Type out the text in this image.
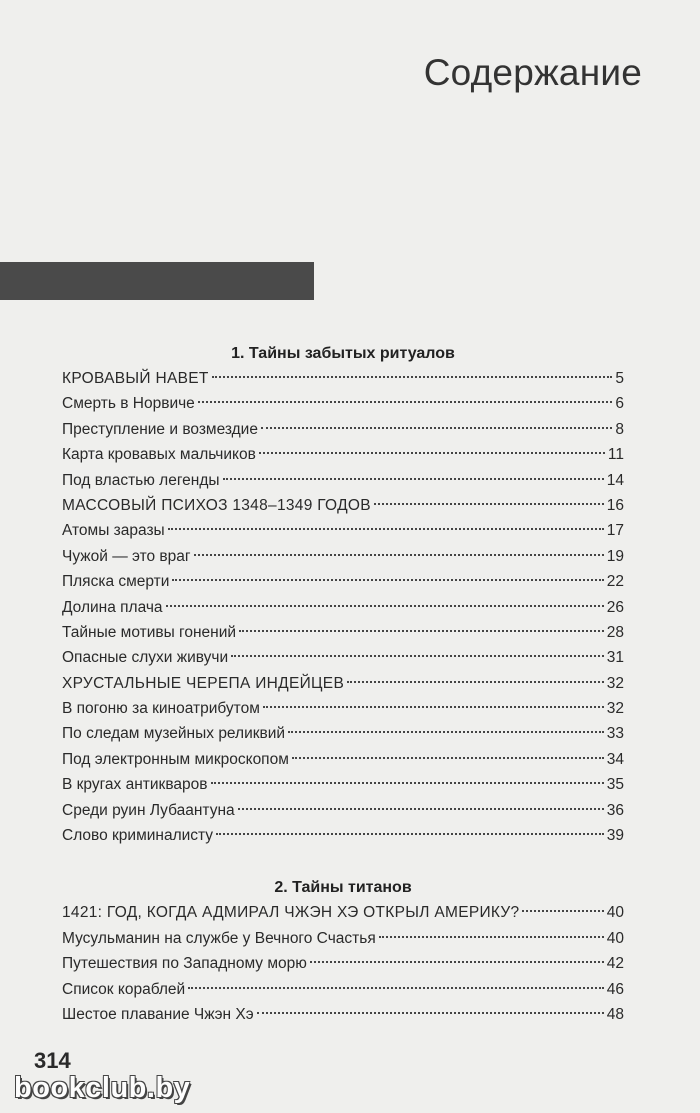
Содержание
1. Тайны забытых ритуалов
КРОВАВЫЙ НАВЕТ	5
Смерть в Норвиче	6
Преступление и возмездие	8
Карта кровавых мальчиков	11
Под властью легенды	14
МАССОВЫЙ ПСИХОЗ 1348–1349 ГОДОВ	16
Атомы заразы	17
Чужой — это враг	19
Пляска смерти	22
Долина плача	26
Тайные мотивы гонений	28
Опасные слухи живучи	31
ХРУСТАЛЬНЫЕ ЧЕРЕПА ИНДЕЙЦЕВ	32
В погоню за киноатрибутом	32
По следам музейных реликвий	33
Под электронным микроскопом	34
В кругах антикваров	35
Среди руин Лубаантуна	36
Слово криминалисту	39
2. Тайны титанов
1421: ГОД, КОГДА АДМИРАЛ ЧЖЭН ХЭ ОТКРЫЛ АМЕРИКУ?	40
Мусульманин на службе у Вечного Счастья	40
Путешествия по Западному морю	42
Список кораблей	46
Шестое плавание Чжэн Хэ	48
314
bookclub.by
